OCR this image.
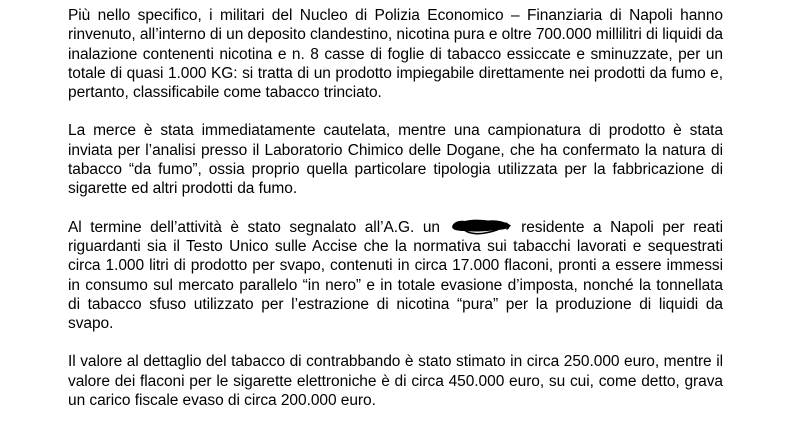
Più nello specifico, i militari del Nucleo di Polizia Economico – Finanziaria di Napoli hanno rinvenuto, all’interno di un deposito clandestino, nicotina pura e oltre 700.000 millilitri di liquidi da inalazione contenenti nicotina e n. 8 casse di foglie di tabacco essiccate e sminuzzate, per un totale di quasi 1.000 KG: si tratta di un prodotto impiegabile direttamente nei prodotti da fumo e, pertanto, classificabile come tabacco trinciato.

La merce è stata immediatamente cautelata, mentre una campionatura di prodotto è stata inviata per l’analisi presso il Laboratorio Chimico delle Dogane, che ha confermato la natura di tabacco “da fumo”, ossia proprio quella particolare tipologia utilizzata per la fabbricazione di sigarette ed altri prodotti da fumo.

Al termine dell’attività è stato segnalato all’A.G. un	residente a Napoli per reati riguardanti sia il Testo Unico sulle Accise che la normativa sui tabacchi lavorati e sequestrati circa 1.000 litri di prodotto per svapo, contenuti in circa 17.000 flaconi, pronti a essere immessi in consumo sul mercato parallelo “in nero” e in totale evasione d’imposta, nonché la tonnellata di tabacco sfuso utilizzato per l’estrazione di nicotina “pura” per la produzione di liquidi da svapo.

Il valore al dettaglio del tabacco di contrabbando è stato stimato in circa 250.000 euro, mentre il valore dei flaconi per le sigarette elettroniche è di circa 450.000 euro, su cui, come detto, grava un carico fiscale evaso di circa 200.000 euro.
